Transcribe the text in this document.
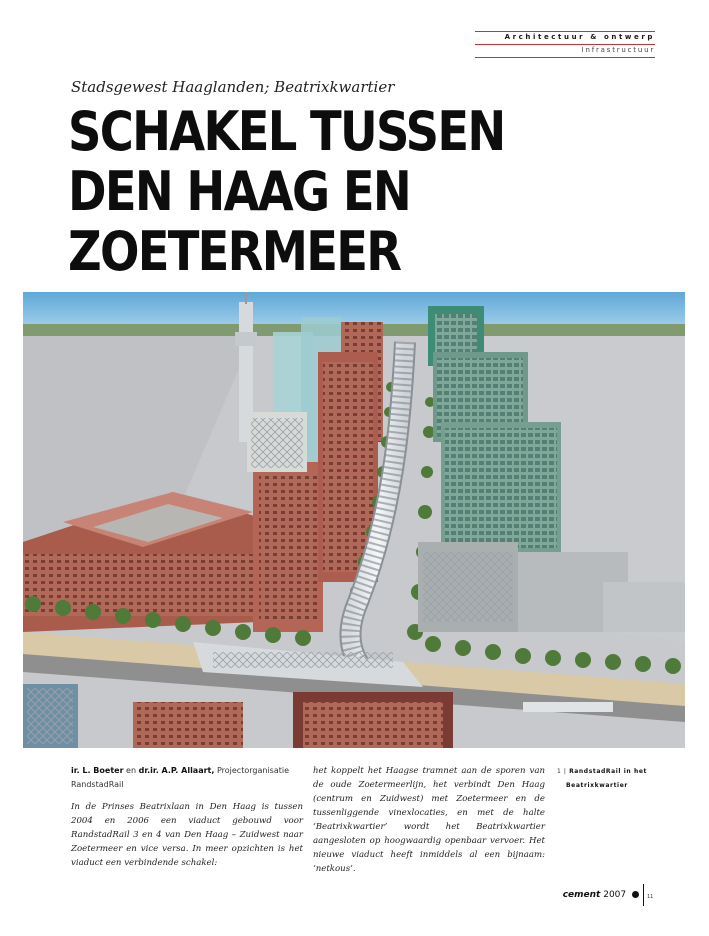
Architectuur & ontwerp
Infrastructuur
Stadsgewest Haaglanden; Beatrixkwartier
SCHAKEL TUSSEN
DEN HAAG EN
ZOETERMEER
ir. L. Boeter en dr.ir. A.P. Allaart, Projectorganisatie RandstadRail

In de Prinses Beatrixlaan in Den Haag is tussen 2004 en 2006 een viaduct gebouwd voor RandstadRail 3 en 4 van Den Haag – Zuidwest naar Zoetermeer en vice versa. In meer opzichten is het viaduct een verbindende schakel:

het koppelt het Haagse tramnet aan de sporen van de oude Zoetermeerlijn, het verbindt Den Haag (centrum en Zuidwest) met Zoetermeer en de tussenliggende vinexlocaties, en met de halte ‘Beatrixkwartier’ wordt het Beatrixkwartier aangesloten op hoogwaardig openbaar vervoer. Het nieuwe viaduct heeft inmiddels al een bijnaam: ‘netkous’.

1 | RandstadRail in het
Beatrixkwartier
cement 2007	11
